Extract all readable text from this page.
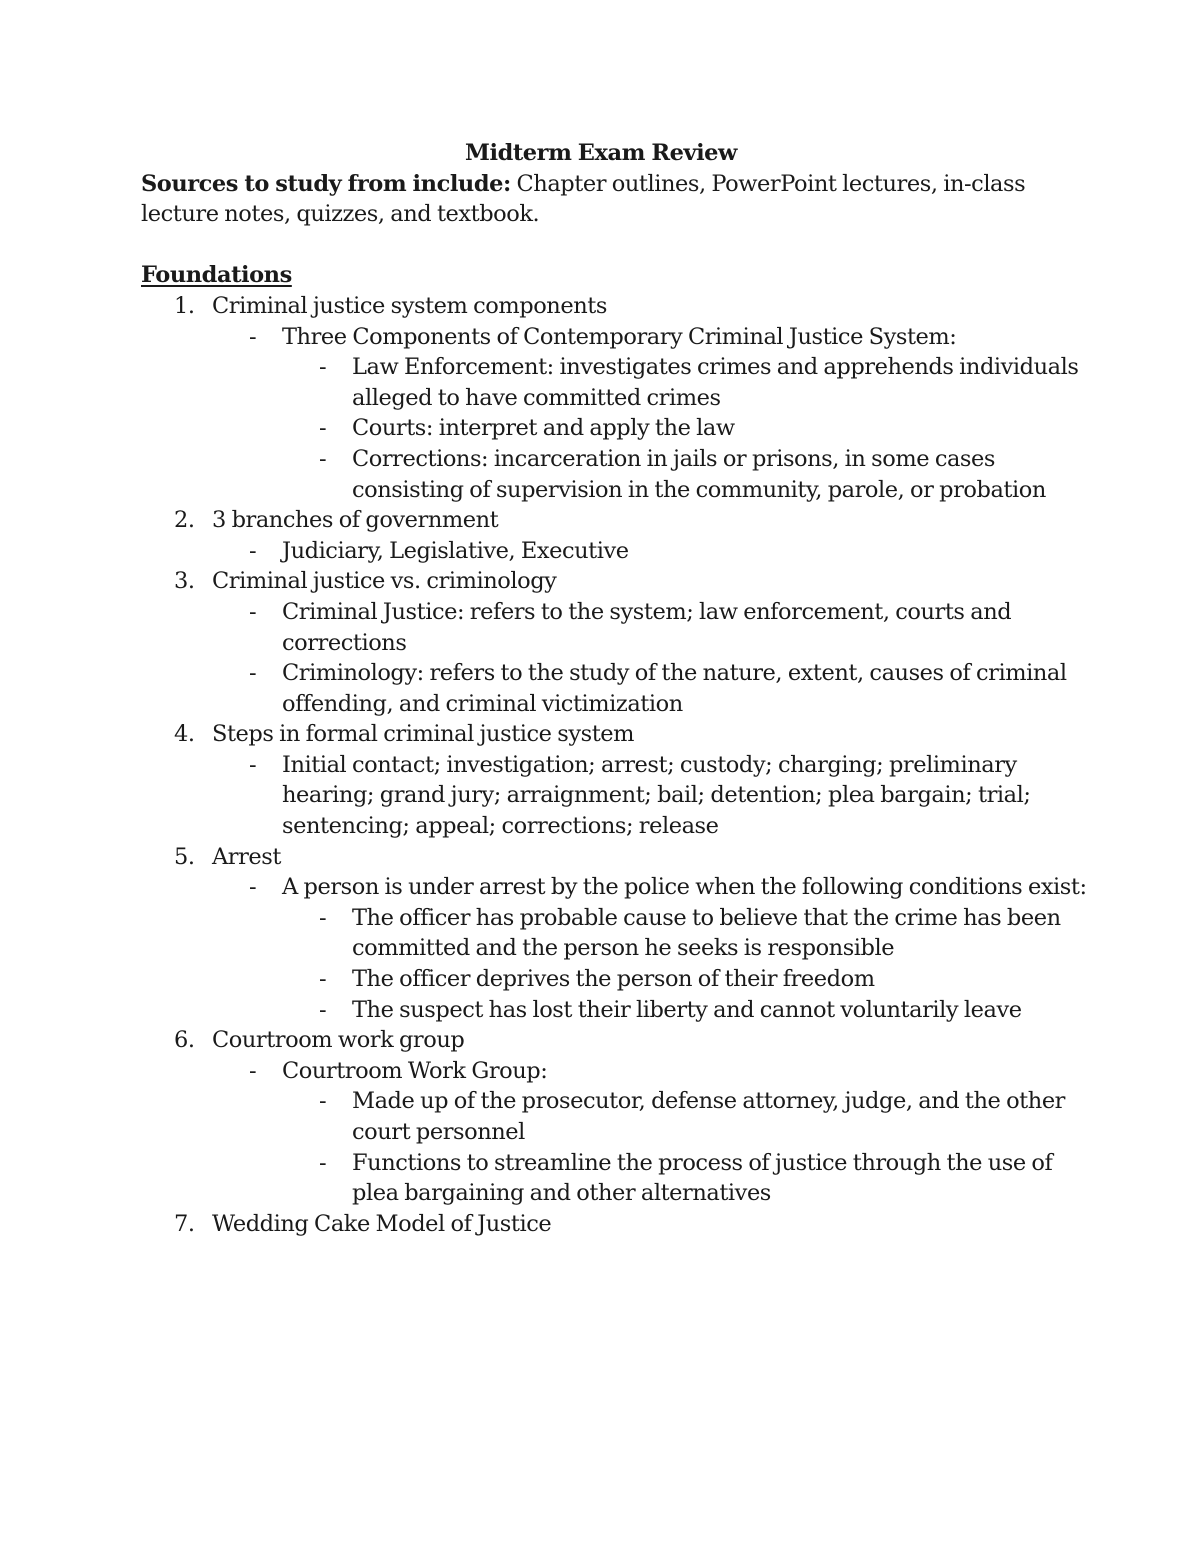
Midterm Exam Review
Sources to study from include: Chapter outlines, PowerPoint lectures, in-class
lecture notes, quizzes, and textbook.
Foundations
1. Criminal justice system components
- Three Components of Contemporary Criminal Justice System:
- Law Enforcement: investigates crimes and apprehends individuals
alleged to have committed crimes
- Courts: interpret and apply the law
- Corrections: incarceration in jails or prisons, in some cases
consisting of supervision in the community, parole, or probation
2. 3 branches of government
- Judiciary, Legislative, Executive
3. Criminal justice vs. criminology
- Criminal Justice: refers to the system; law enforcement, courts and
corrections
- Criminology: refers to the study of the nature, extent, causes of criminal
offending, and criminal victimization
4. Steps in formal criminal justice system
- Initial contact; investigation; arrest; custody; charging; preliminary
hearing; grand jury; arraignment; bail; detention; plea bargain; trial;
sentencing; appeal; corrections; release
5. Arrest
- A person is under arrest by the police when the following conditions exist:
- The officer has probable cause to believe that the crime has been
committed and the person he seeks is responsible
- The officer deprives the person of their freedom
- The suspect has lost their liberty and cannot voluntarily leave
6. Courtroom work group
- Courtroom Work Group:
- Made up of the prosecutor, defense attorney, judge, and the other
court personnel
- Functions to streamline the process of justice through the use of
plea bargaining and other alternatives
7. Wedding Cake Model of Justice
